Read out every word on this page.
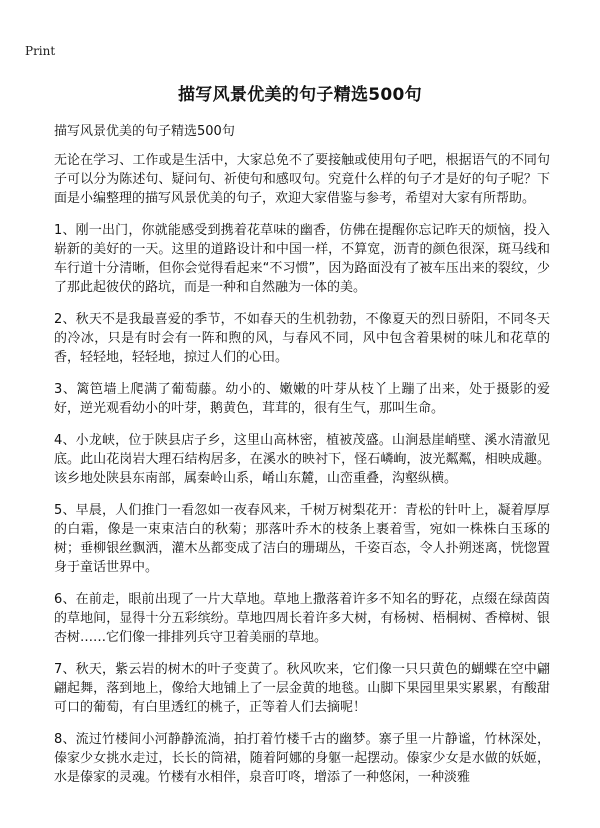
Print
描写风景优美的句子精选500句

描写风景优美的句子精选500句

无论在学习、工作或是生活中，大家总免不了要接触或使用句子吧，根据语气的不同句子可以分为陈述句、疑问句、祈使句和感叹句。究竟什么样的句子才是好的句子呢？下面是小编整理的描写风景优美的句子，欢迎大家借鉴与参考，希望对大家有所帮助。

1、刚一出门，你就能感受到携着花草味的幽香，仿佛在提醒你忘记昨天的烦恼，投入崭新的美好的一天。这里的道路设计和中国一样，不算宽，沥青的颜色很深，斑马线和车行道十分清晰，但你会觉得看起来“不习惯”，因为路面没有了被车压出来的裂纹，少了那此起彼伏的路坑，而是一种和自然融为一体的美。

2、秋天不是我最喜爱的季节，不如春天的生机勃勃，不像夏天的烈日骄阳，不同冬天的冷冰，只是有时会有一阵和煦的风，与春风不同，风中包含着果树的味儿和花草的香，轻轻地，轻轻地，掠过人们的心田。

3、篱笆墙上爬满了葡萄藤。幼小的、嫩嫩的叶芽从枝丫上蹦了出来，处于摄影的爱好，逆光观看幼小的叶芽，鹅黄色，茸茸的，很有生气，那叫生命。

4、小龙峡，位于陕县店子乡，这里山高林密，植被茂盛。山涧悬崖峭壁、溪水清澈见底。此山花岗岩大理石结构居多，在溪水的映衬下，怪石嶙峋，波光粼粼，相映成趣。该乡地处陕县东南部，属秦岭山系，崤山东麓，山峦重叠，沟壑纵横。

5、早晨，人们推门一看忽如一夜春风来，千树万树梨花开：青松的针叶上，凝着厚厚的白霜，像是一束束洁白的秋菊；那落叶乔木的枝条上裹着雪，宛如一株株白玉琢的树；垂柳银丝飘洒，灌木丛都变成了洁白的珊瑚丛，千姿百态，令人扑朔迷离，恍惚置身于童话世界中。

6、在前走，眼前出现了一片大草地。草地上撒落着许多不知名的野花，点缀在绿茵茵的草地间，显得十分五彩缤纷。草地四周长着许多大树，有杨树、梧桐树、香樟树、银杏树……它们像一排排列兵守卫着美丽的草地。

7、秋天，紫云岩的树木的叶子变黄了。秋风吹来，它们像一只只黄色的蝴蝶在空中翩翩起舞，落到地上，像给大地铺上了一层金黄的地毯。山脚下果园里果实累累，有酸甜可口的葡萄，有白里透红的桃子，正等着人们去摘呢！

8、流过竹楼间小河静静流淌，拍打着竹楼千古的幽梦。寨子里一片静谧，竹林深处，傣家少女挑水走过，长长的筒裙，随着阿娜的身躯一起摆动。傣家少女是水做的妖姬，水是傣家的灵魂。竹楼有水相伴，泉音叮咚，增添了一种悠闲，一种淡雅
